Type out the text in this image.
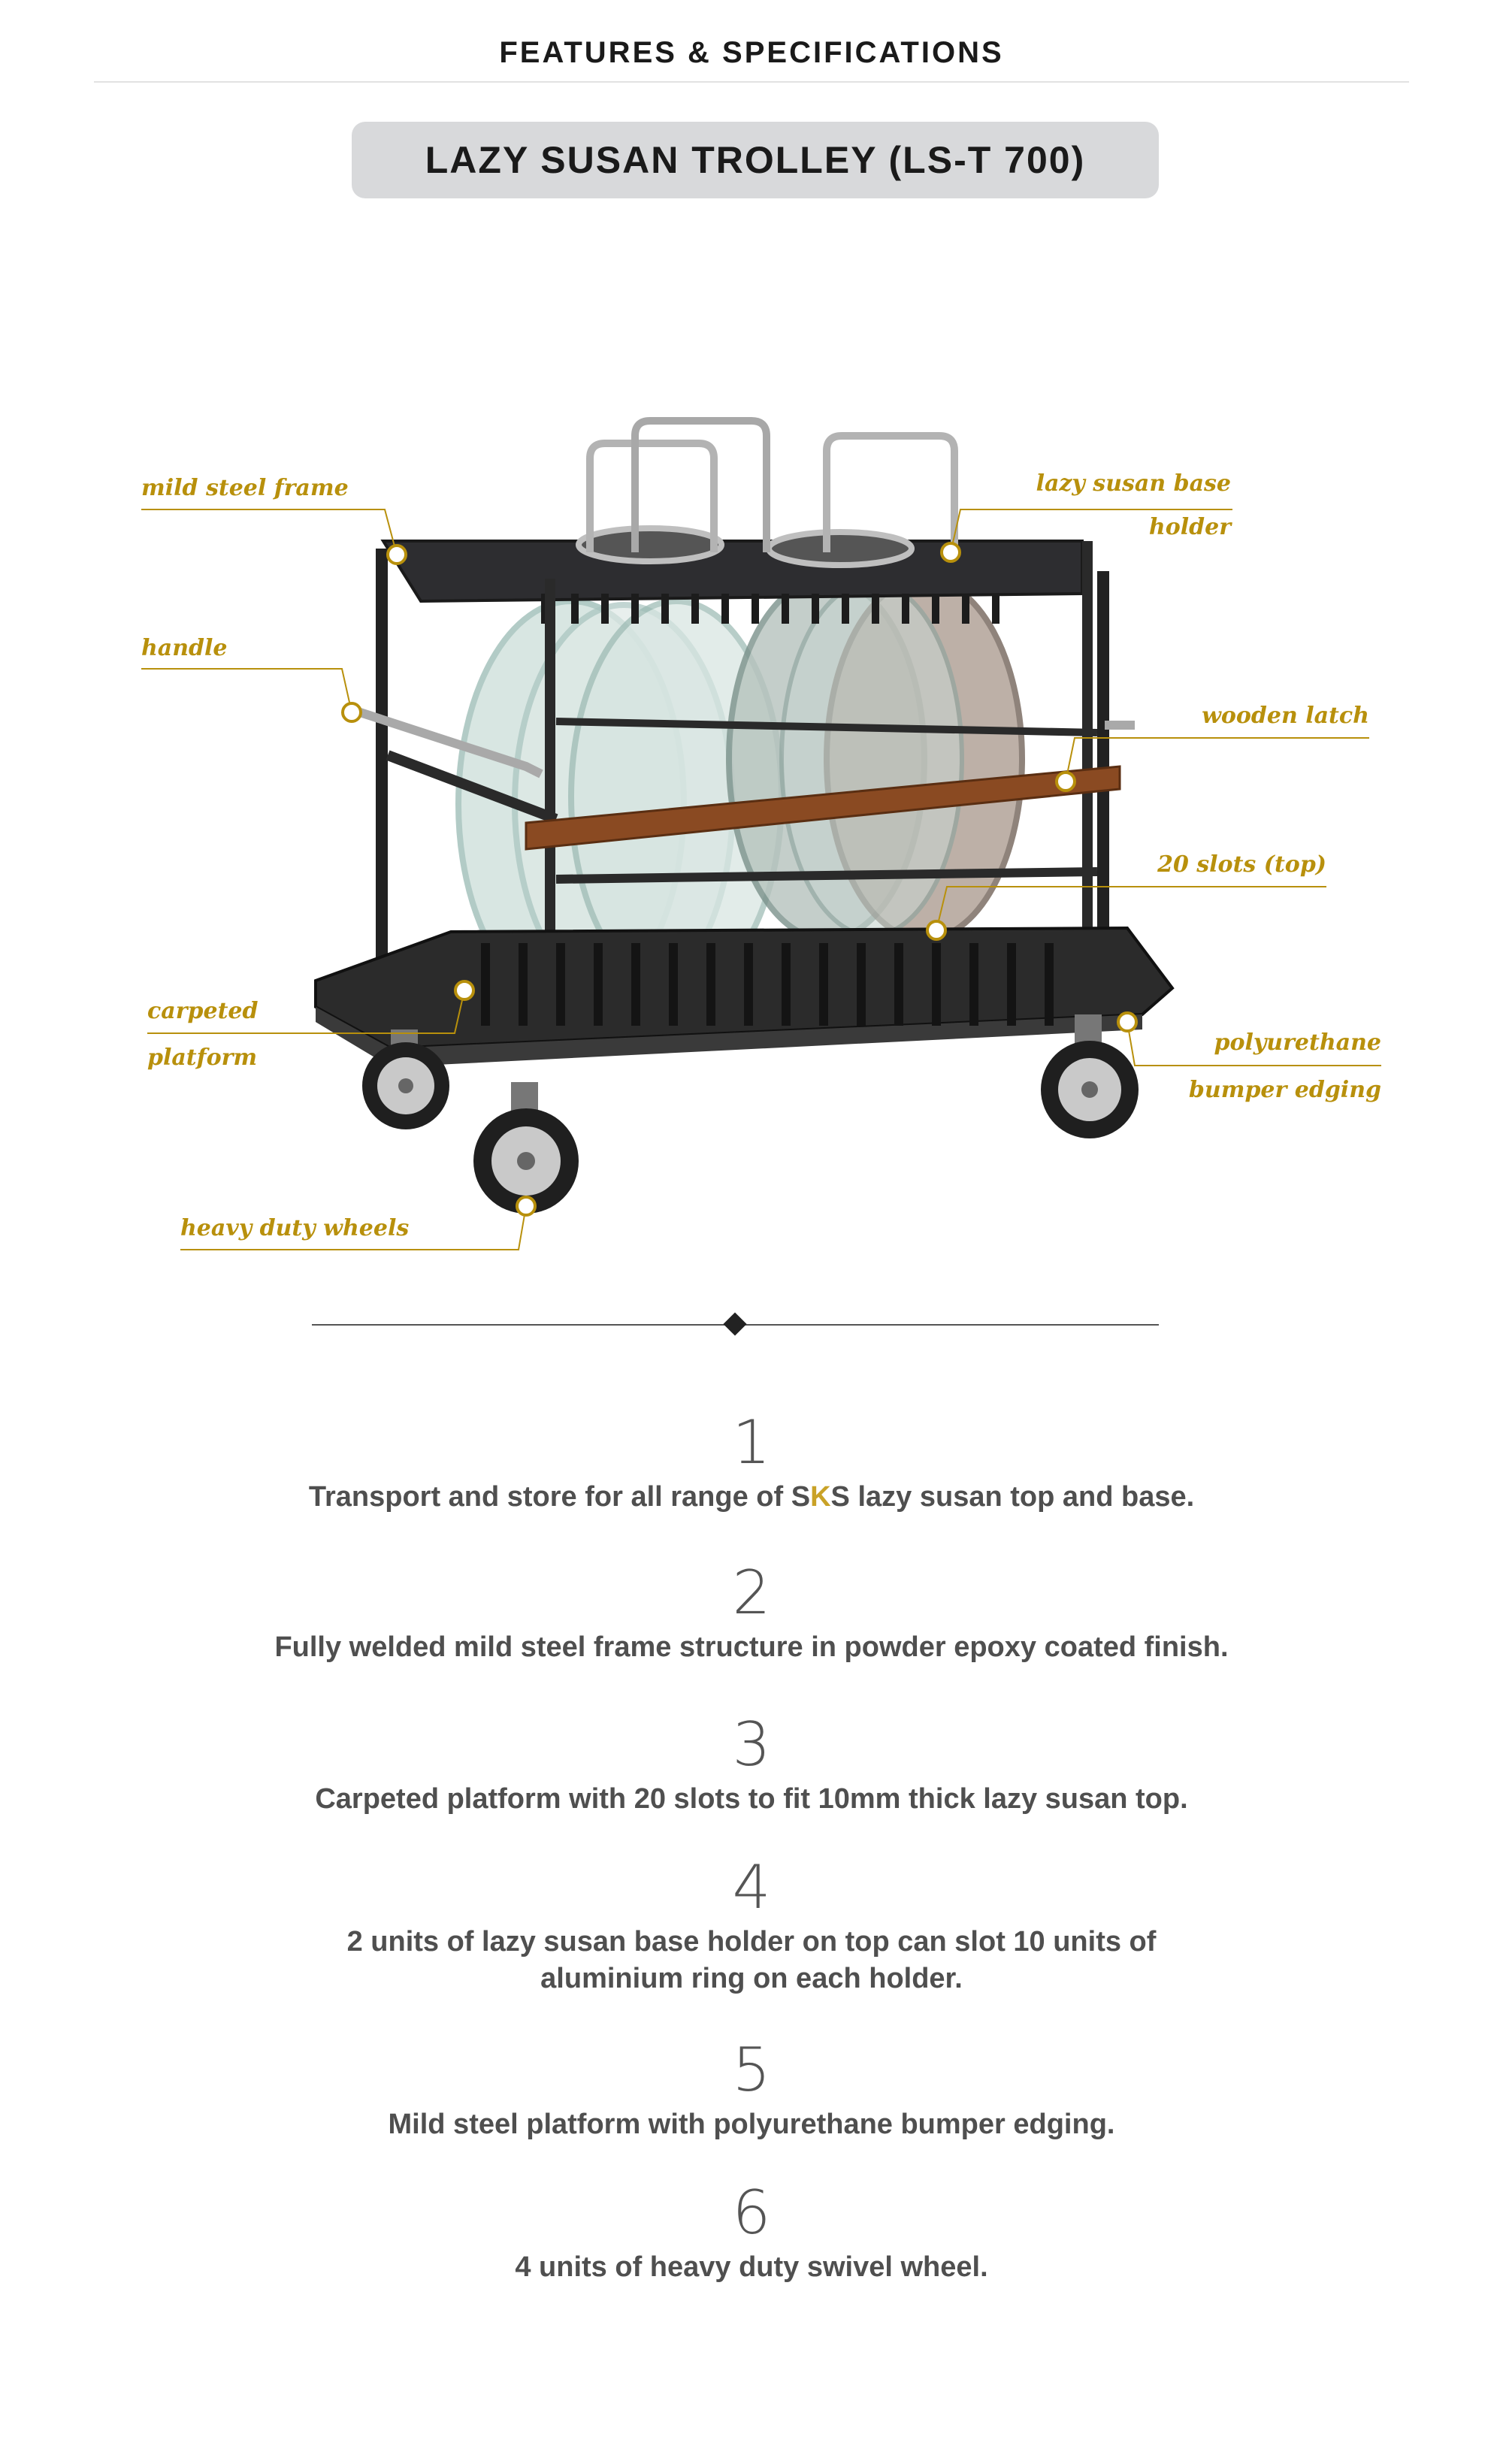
FEATURES & SPECIFICATIONS
LAZY SUSAN TROLLEY (LS-T 700)
mild steel frame	lazy susan base
holder
handle
wooden latch
20 slots (top)
carpeted
platform
polyurethane
bumper edging
heavy duty wheels
1
Transport and store for all range of SKS lazy susan top and base.
2
Fully welded mild steel frame structure in powder epoxy coated finish.
3
Carpeted platform with 20 slots to fit 10mm thick lazy susan top.
4
2 units of lazy susan base holder on top can slot 10 units of
aluminium ring on each holder.
5
Mild steel platform with polyurethane bumper edging.
6
4 units of heavy duty swivel wheel.
